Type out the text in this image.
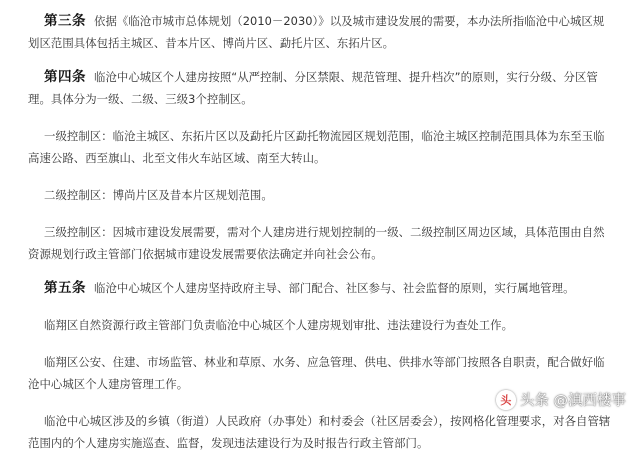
第三条 依据《临沧市城市总体规划（2010－2030）》以及城市建设发展的需要，本办法所指临沧中心城区规划区范围具体包括主城区、昔本片区、博尚片区、勐托片区、东拓片区。

第四条 临沧中心城区个人建房按照“从严控制、分区禁限、规范管理、提升档次”的原则，实行分级、分区管理。具体分为一级、二级、三级3个控制区。

一级控制区：临沧主城区、东拓片区以及勐托片区勐托物流园区规划范围，临沧主城区控制范围具体为东至玉临高速公路、西至旗山、北至文伟火车站区域、南至大转山。

二级控制区：博尚片区及昔本片区规划范围。

三级控制区：因城市建设发展需要，需对个人建房进行规划控制的一级、二级控制区周边区域，具体范围由自然资源规划行政主管部门依据城市建设发展需要依法确定并向社会公布。

第五条 临沧中心城区个人建房坚持政府主导、部门配合、社区参与、社会监督的原则，实行属地管理。

临翔区自然资源行政主管部门负责临沧中心城区个人建房规划审批、违法建设行为查处工作。

临翔区公安、住建、市场监管、林业和草原、水务、应急管理、供电、供排水等部门按照各自职责，配合做好临沧中心城区个人建房管理工作。

临沧中心城区涉及的乡镇（街道）人民政府（办事处）和村委会（社区居委会），按网格化管理要求，对各自管辖范围内的个人建房实施巡查、监督，发现违法建设行为及时报告行政主管部门。

头 头条 @滇西楼事
